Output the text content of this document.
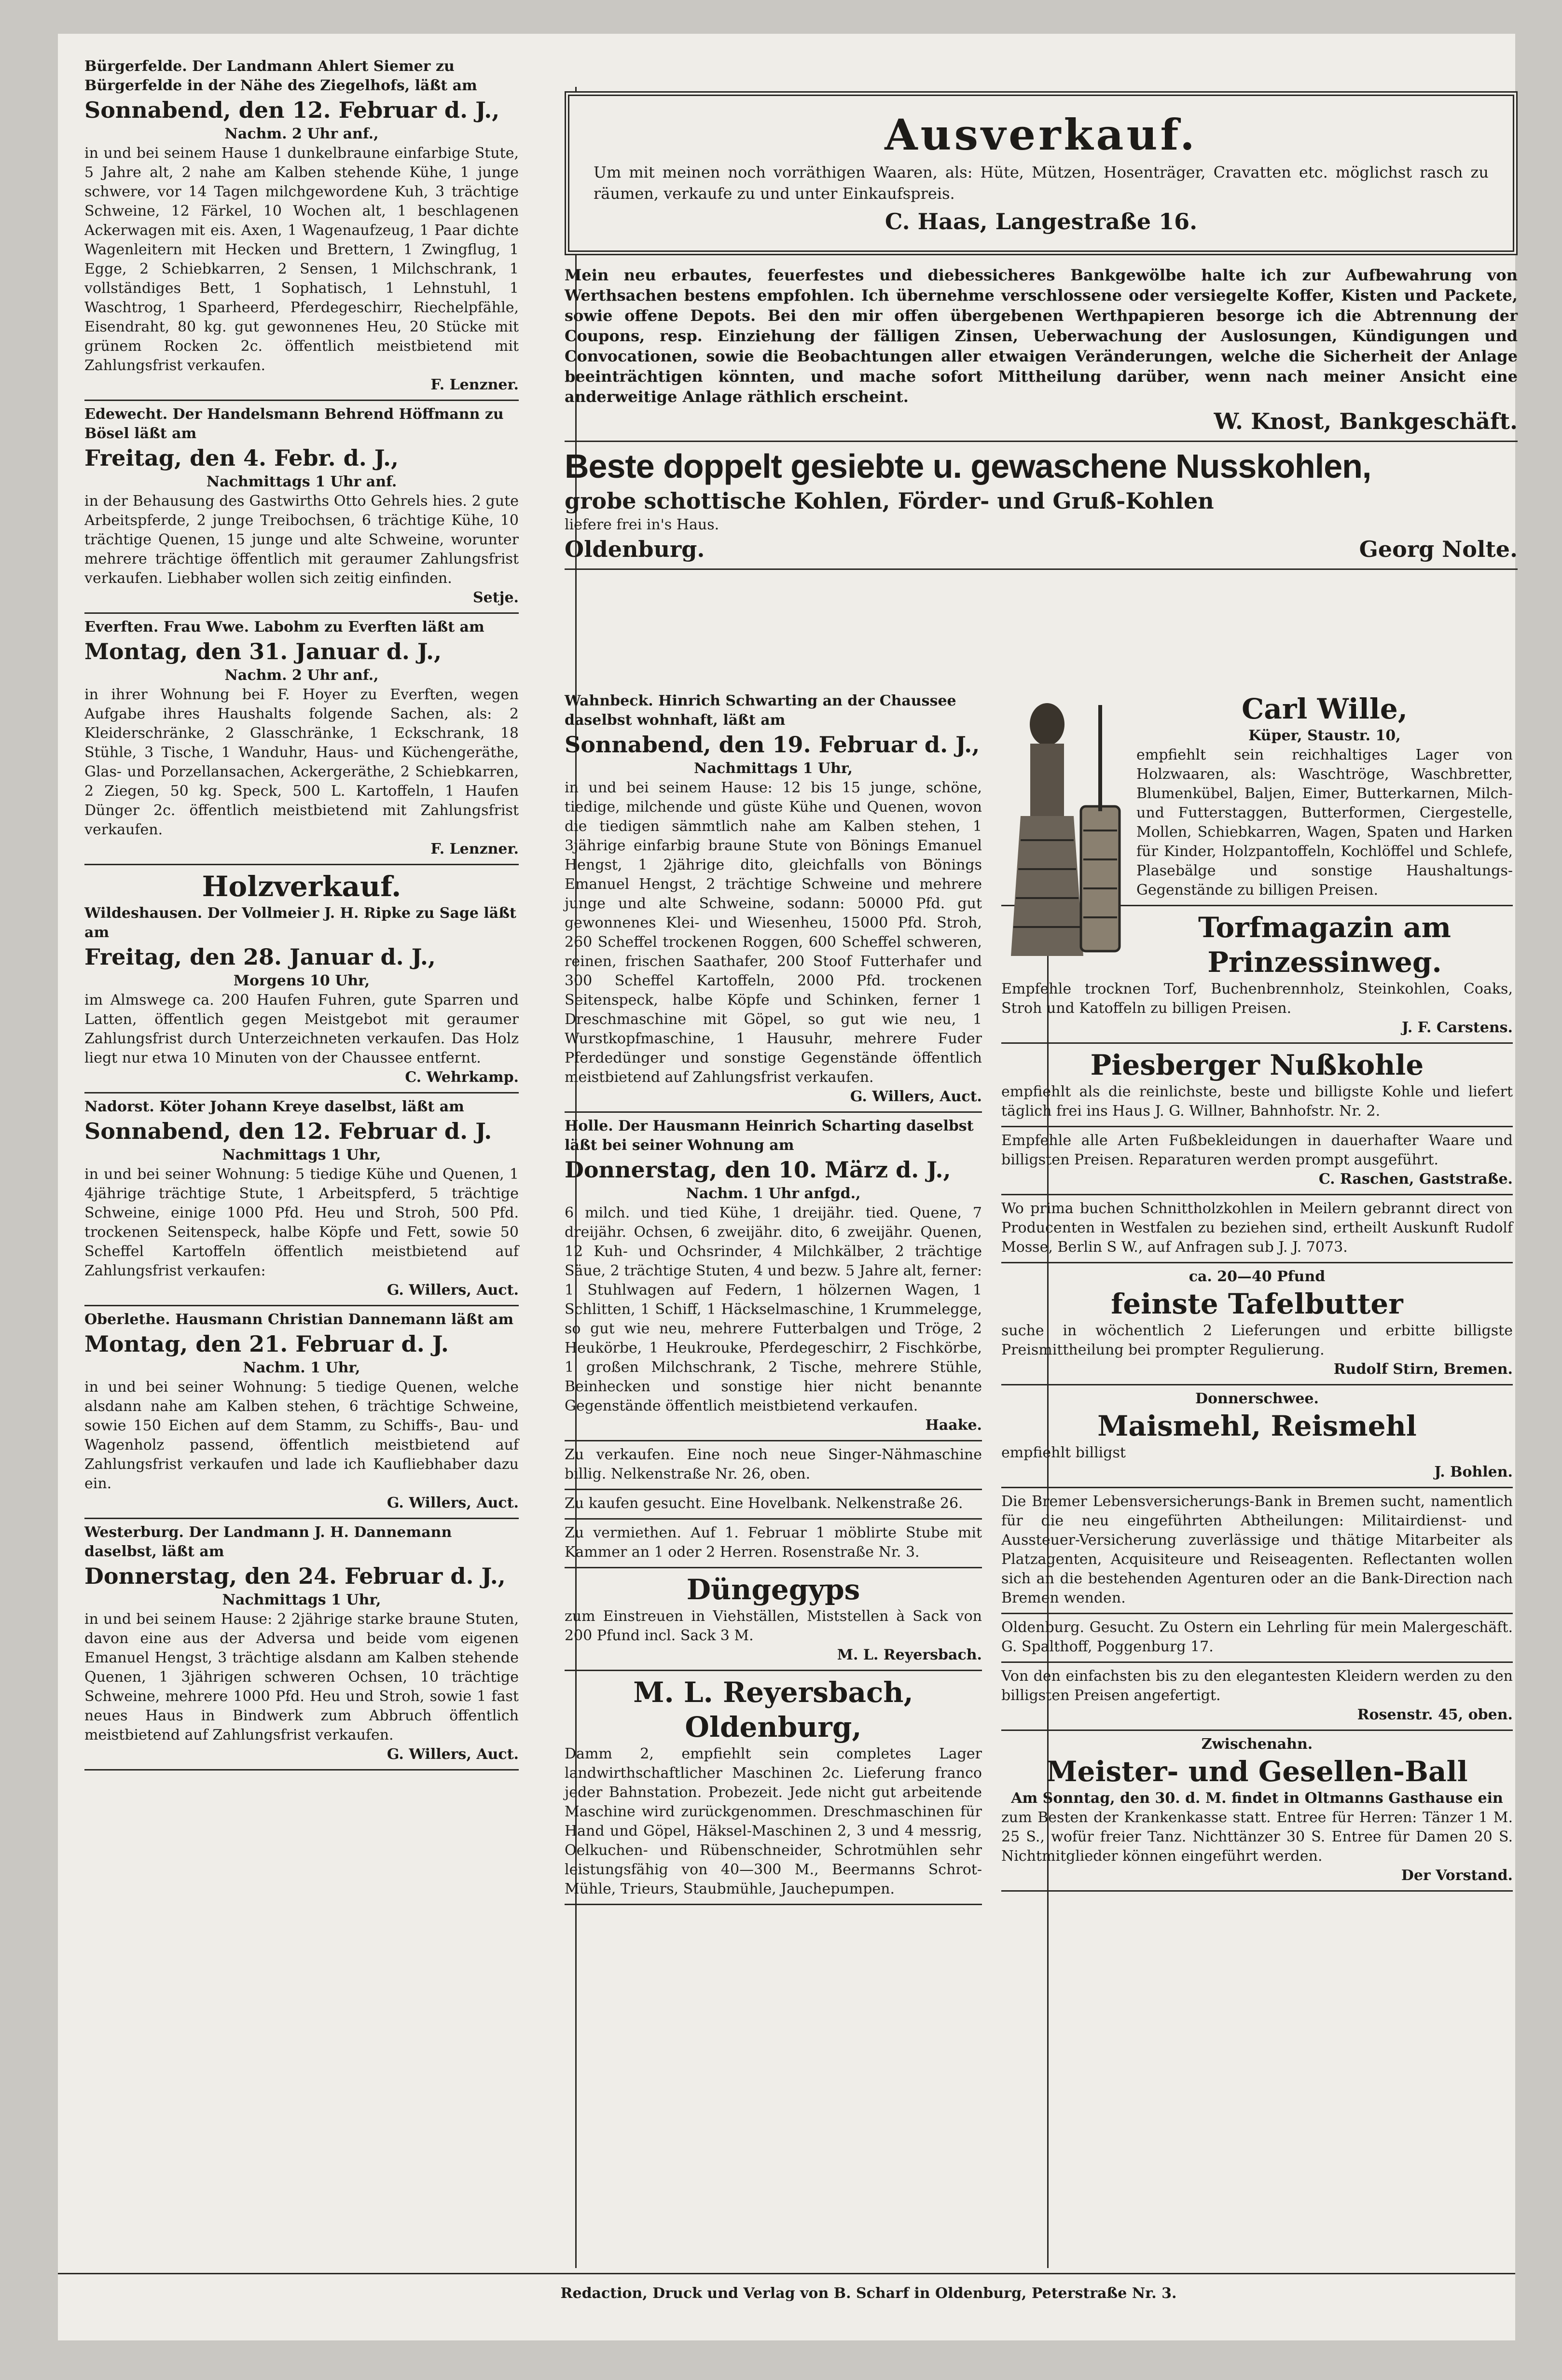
Bürgerfelde. Der Landmann Ahlert Siemer zu Bürgerfelde in der Nähe des Ziegelhofs, läßt am

Sonnabend, den 12. Februar d. J.,

Nachm. 2 Uhr anf.,

in und bei seinem Hause 1 dunkelbraune einfarbige Stute, 5 Jahre alt, 2 nahe am Kalben stehende Kühe, 1 junge schwere, vor 14 Tagen milchgewordene Kuh, 3 trächtige Schweine, 12 Färkel, 10 Wochen alt, 1 beschlagenen Ackerwagen mit eis. Axen, 1 Wagenaufzeug, 1 Paar dichte Wagenleitern mit Hecken und Brettern, 1 Zwingflug, 1 Egge, 2 Schiebkarren, 2 Sensen, 1 Milchschrank, 1 vollständiges Bett, 1 Sophatisch, 1 Lehnstuhl, 1 Waschtrog, 1 Sparheerd, Pferdegeschirr, Riechelpfähle, Eisendraht, 80 kg. gut gewonnenes Heu, 20 Stücke mit grünem Rocken 2c. öffentlich meistbietend mit Zahlungsfrist verkaufen.

F. Lenzner.

Edewecht. Der Handelsmann Behrend Höffmann zu Bösel läßt am

Freitag, den 4. Febr. d. J.,

Nachmittags 1 Uhr anf.

in der Behausung des Gastwirths Otto Gehrels hies. 2 gute Arbeitspferde, 2 junge Treibochsen, 6 trächtige Kühe, 10 trächtige Quenen, 15 junge und alte Schweine, worunter mehrere trächtige öffentlich mit geraumer Zahlungsfrist verkaufen. Liebhaber wollen sich zeitig einfinden.

Setje.

Everften. Frau Wwe. Labohm zu Everften läßt am

Montag, den 31. Januar d. J.,

Nachm. 2 Uhr anf.,

in ihrer Wohnung bei F. Hoyer zu Everften, wegen Aufgabe ihres Haushalts folgende Sachen, als: 2 Kleiderschränke, 2 Glasschränke, 1 Eckschrank, 18 Stühle, 3 Tische, 1 Wanduhr, Haus- und Küchengeräthe, Glas- und Porzellansachen, Ackergeräthe, 2 Schiebkarren, 2 Ziegen, 50 kg. Speck, 500 L. Kartoffeln, 1 Haufen Dünger 2c. öffentlich meistbietend mit Zahlungsfrist verkaufen.

F. Lenzner.

Holzverkauf.

Wildeshausen. Der Vollmeier J. H. Ripke zu Sage läßt am

Freitag, den 28. Januar d. J.,

Morgens 10 Uhr,

im Almswege ca. 200 Haufen Fuhren, gute Sparren und Latten, öffentlich gegen Meistgebot mit geraumer Zahlungsfrist durch Unterzeichneten verkaufen. Das Holz liegt nur etwa 10 Minuten von der Chaussee entfernt.

C. Wehrkamp.

Nadorst. Köter Johann Kreye daselbst, läßt am

Sonnabend, den 12. Februar d. J.

Nachmittags 1 Uhr,

in und bei seiner Wohnung: 5 tiedige Kühe und Quenen, 1 4jährige trächtige Stute, 1 Arbeitspferd, 5 trächtige Schweine, einige 1000 Pfd. Heu und Stroh, 500 Pfd. trockenen Seitenspeck, halbe Köpfe und Fett, sowie 50 Scheffel Kartoffeln öffentlich meistbietend auf Zahlungsfrist verkaufen:

G. Willers, Auct.

Oberlethe. Hausmann Christian Dannemann läßt am

Montag, den 21. Februar d. J.

Nachm. 1 Uhr,

in und bei seiner Wohnung: 5 tiedige Quenen, welche alsdann nahe am Kalben stehen, 6 trächtige Schweine, sowie 150 Eichen auf dem Stamm, zu Schiffs-, Bau- und Wagenholz passend, öffentlich meistbietend auf Zahlungsfrist verkaufen und lade ich Kaufliebhaber dazu ein.

G. Willers, Auct.

Westerburg. Der Landmann J. H. Dannemann daselbst, läßt am

Donnerstag, den 24. Februar d. J.,

Nachmittags 1 Uhr,

in und bei seinem Hause: 2 2jährige starke braune Stuten, davon eine aus der Adversa und beide vom eigenen Emanuel Hengst, 3 trächtige alsdann am Kalben stehende Quenen, 1 3jährigen schweren Ochsen, 10 trächtige Schweine, mehrere 1000 Pfd. Heu und Stroh, sowie 1 fast neues Haus in Bindwerk zum Abbruch öffentlich meistbietend auf Zahlungsfrist verkaufen.

G. Willers, Auct.

Ausverkauf.

Um mit meinen noch vorräthigen Waaren, als: Hüte, Mützen, Hosenträger, Cravatten etc. möglichst rasch zu räumen, verkaufe zu und unter Einkaufspreis.

C. Haas, Langestraße 16.

Mein neu erbautes, feuerfestes und diebessicheres Bankgewölbe halte ich zur Aufbewahrung von Werthsachen bestens empfohlen. Ich übernehme verschlossene oder versiegelte Koffer, Kisten und Packete, sowie offene Depots. Bei den mir offen übergebenen Werthpapieren besorge ich die Abtrennung der Coupons, resp. Einziehung der fälligen Zinsen, Ueberwachung der Auslosungen, Kündigungen und Convocationen, sowie die Beobachtungen aller etwaigen Veränderungen, welche die Sicherheit der Anlage beeinträchtigen könnten, und mache sofort Mittheilung darüber, wenn nach meiner Ansicht eine anderweitige Anlage räthlich erscheint.

W. Knost, Bankgeschäft.

Beste doppelt gesiebte u. gewaschene Nusskohlen,

grobe schottische Kohlen, Förder- und Gruß-Kohlen

liefere frei in's Haus.

Oldenburg.	Georg Nolte.

Wahnbeck. Hinrich Schwarting an der Chaussee daselbst wohnhaft, läßt am

Sonnabend, den 19. Februar d. J.,

Nachmittags 1 Uhr,

in und bei seinem Hause: 12 bis 15 junge, schöne, tiedige, milchende und güste Kühe und Quenen, wovon die tiedigen sämmtlich nahe am Kalben stehen, 1 3jährige einfarbig braune Stute von Bönings Emanuel Hengst, 1 2jährige dito, gleichfalls von Bönings Emanuel Hengst, 2 trächtige Schweine und mehrere junge und alte Schweine, sodann: 50000 Pfd. gut gewonnenes Klei- und Wiesenheu, 15000 Pfd. Stroh, 260 Scheffel trockenen Roggen, 600 Scheffel schweren, reinen, frischen Saathafer, 200 Stoof Futterhafer und 300 Scheffel Kartoffeln, 2000 Pfd. trockenen Seitenspeck, halbe Köpfe und Schinken, ferner 1 Dreschmaschine mit Göpel, so gut wie neu, 1 Wurstkopfmaschine, 1 Hausuhr, mehrere Fuder Pferdedünger und sonstige Gegenstände öffentlich meistbietend auf Zahlungsfrist verkaufen.

G. Willers, Auct.

Holle. Der Hausmann Heinrich Scharting daselbst läßt bei seiner Wohnung am

Donnerstag, den 10. März d. J.,

Nachm. 1 Uhr anfgd.,

6 milch. und tied Kühe, 1 dreijähr. tied. Quene, 7 dreijähr. Ochsen, 6 zweijähr. dito, 6 zweijähr. Quenen, 12 Kuh- und Ochsrinder, 4 Milchkälber, 2 trächtige Säue, 2 trächtige Stuten, 4 und bezw. 5 Jahre alt, ferner: 1 Stuhlwagen auf Federn, 1 hölzernen Wagen, 1 Schlitten, 1 Schiff, 1 Häckselmaschine, 1 Krummelegge, so gut wie neu, mehrere Futterbalgen und Tröge, 2 Heukörbe, 1 Heukrouke, Pferdegeschirr, 2 Fischkörbe, 1 großen Milchschrank, 2 Tische, mehrere Stühle, Beinhecken und sonstige hier nicht benannte Gegenstände öffentlich meistbietend verkaufen.

Haake.

Zu verkaufen. Eine noch neue Singer-Nähmaschine billig. Nelkenstraße Nr. 26, oben.

Zu kaufen gesucht. Eine Hovelbank. Nelkenstraße 26.

Zu vermiethen. Auf 1. Februar 1 möblirte Stube mit Kammer an 1 oder 2 Herren. Rosenstraße Nr. 3.

Düngegyps

zum Einstreuen in Viehställen, Miststellen à Sack von 200 Pfund incl. Sack 3 M.

M. L. Reyersbach.

M. L. Reyersbach, Oldenburg,

Damm 2, empfiehlt sein completes Lager landwirthschaftlicher Maschinen 2c. Lieferung franco jeder Bahnstation. Probezeit. Jede nicht gut arbeitende Maschine wird zurückgenommen. Dreschmaschinen für Hand und Göpel, Häksel-Maschinen 2, 3 und 4 messrig, Oelkuchen- und Rübenschneider, Schrotmühlen sehr leistungsfähig von 40—300 M., Beermanns Schrot-Mühle, Trieurs, Staubmühle, Jauchepumpen.

Carl Wille,

Küper, Staustr. 10,

empfiehlt sein reichhaltiges Lager von Holzwaaren, als: Waschtröge, Waschbretter, Blumenkübel, Baljen, Eimer, Butterkarnen, Milch- und Futterstaggen, Butterformen, Ciergestelle, Mollen, Schiebkarren, Wagen, Spaten und Harken für Kinder, Holzpantoffeln, Kochlöffel und Schlefe, Plasebälge und sonstige Haushaltungs-Gegenstände zu billigen Preisen.

Torfmagazin am Prinzessinweg.

Empfehle trocknen Torf, Buchenbrennholz, Steinkohlen, Coaks, Stroh und Katoffeln zu billigen Preisen.

J. F. Carstens.

Piesberger Nußkohle

empfiehlt als die reinlichste, beste und billigste Kohle und liefert täglich frei ins Haus J. G. Willner, Bahnhofstr. Nr. 2.

Empfehle alle Arten Fußbekleidungen in dauerhafter Waare und billigsten Preisen. Reparaturen werden prompt ausgeführt.

C. Raschen, Gaststraße.

Wo prima buchen Schnittholzkohlen in Meilern gebrannt direct von Producenten in Westfalen zu beziehen sind, ertheilt Auskunft Rudolf Mosse, Berlin S W., auf Anfragen sub J. J. 7073.

ca. 20—40 Pfund

feinste Tafelbutter

suche in wöchentlich 2 Lieferungen und erbitte billigste Preismittheilung bei prompter Regulierung.

Rudolf Stirn, Bremen.

Donnerschwee.

Maismehl, Reismehl

empfiehlt billigst

J. Bohlen.

Die Bremer Lebensversicherungs-Bank in Bremen sucht, namentlich für die neu eingeführten Abtheilungen: Militairdienst- und Aussteuer-Versicherung zuverlässige und thätige Mitarbeiter als Platzagenten, Acquisiteure und Reiseagenten. Reflectanten wollen sich an die bestehenden Agenturen oder an die Bank-Direction nach Bremen wenden.

Oldenburg. Gesucht. Zu Ostern ein Lehrling für mein Malergeschäft. G. Spalthoff, Poggenburg 17.

Von den einfachsten bis zu den elegantesten Kleidern werden zu den billigsten Preisen angefertigt.

Rosenstr. 45, oben.

Zwischenahn.

Meister- und Gesellen-Ball

Am Sonntag, den 30. d. M. findet in Oltmanns Gasthause ein

zum Besten der Krankenkasse statt. Entree für Herren: Tänzer 1 M. 25 S., wofür freier Tanz. Nichttänzer 30 S. Entree für Damen 20 S. Nichtmitglieder können eingeführt werden.

Der Vorstand.

Redaction, Druck und Verlag von B. Scharf in Oldenburg, Peterstraße Nr. 3.
